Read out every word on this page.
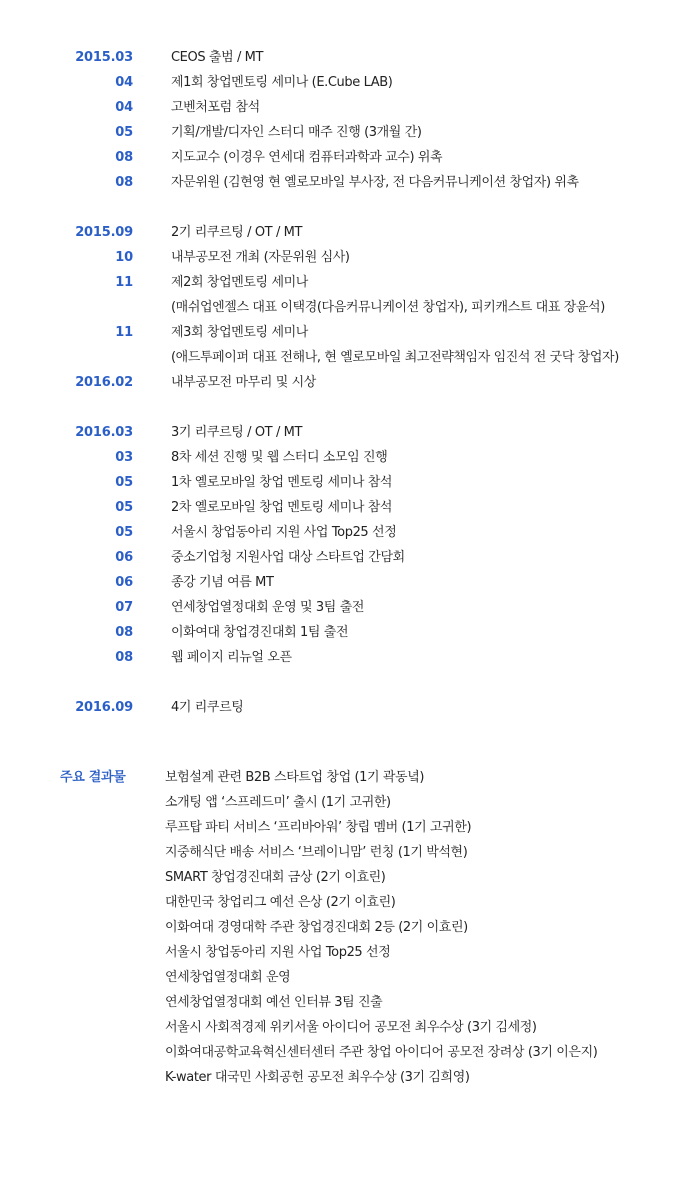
2015.03	CEOS 출범 / MT
04	제1회 창업멘토링 세미나 (E.Cube LAB)
04	고벤처포럼 참석
05	기획/개발/디자인 스터디 매주 진행 (3개월 간)
08	지도교수 (이경우 연세대 컴퓨터과학과 교수) 위촉
08	자문위원 (김현영 현 옐로모바일 부사장, 전 다음커뮤니케이션 창업자) 위촉
2015.09	2기 리쿠르팅 / OT / MT
10	내부공모전 개최 (자문위원 심사)
11	제2회 창업멘토링 세미나
(매쉬업엔젤스 대표 이택경(다음커뮤니케이션 창업자), 피키캐스트 대표 장윤석)
11	제3회 창업멘토링 세미나
(애드투페이퍼 대표 전해나, 현 옐로모바일 최고전략책임자 임진석 전 굿닥 창업자)
2016.02	내부공모전 마무리 및 시상
2016.03	3기 리쿠르팅 / OT / MT
03	8차 세션 진행 및 웹 스터디 소모임 진행
05	1차 옐로모바일 창업 멘토링 세미나 참석
05	2차 옐로모바일 창업 멘토링 세미나 참석
05	서울시 창업동아리 지원 사업 Top25 선정
06	중소기업청 지원사업 대상 스타트업 간담회
06	종강 기념 여름 MT
07	연세창업열정대회 운영 및 3팀 출전
08	이화여대 창업경진대회 1팀 출전
08	웹 페이지 리뉴얼 오픈
2016.09	4기 리쿠르팅
주요 결과물	보험설계 관련 B2B 스타트업 창업 (1기 곽동녘)
소개팅 앱 ‘스프레드미’ 출시 (1기 고귀한)
루프탑 파티 서비스 ‘프리바아워’ 창립 멤버 (1기 고귀한)
지중해식단 배송 서비스 ‘브레이니맘’ 런칭 (1기 박석현)
SMART 창업경진대회 금상 (2기 이효린)
대한민국 창업리그 예선 은상 (2기 이효린)
이화여대 경영대학 주관 창업경진대회 2등 (2기 이효린)
서울시 창업동아리 지원 사업 Top25 선정
연세창업열정대회 운영
연세창업열정대회 예선 인터뷰 3팀 진출
서울시 사회적경제 위키서울 아이디어 공모전 최우수상 (3기 김세정)
이화여대공학교육혁신센터센터 주관 창업 아이디어 공모전 장려상 (3기 이은지)
K-water 대국민 사회공헌 공모전 최우수상 (3기 김희영)
